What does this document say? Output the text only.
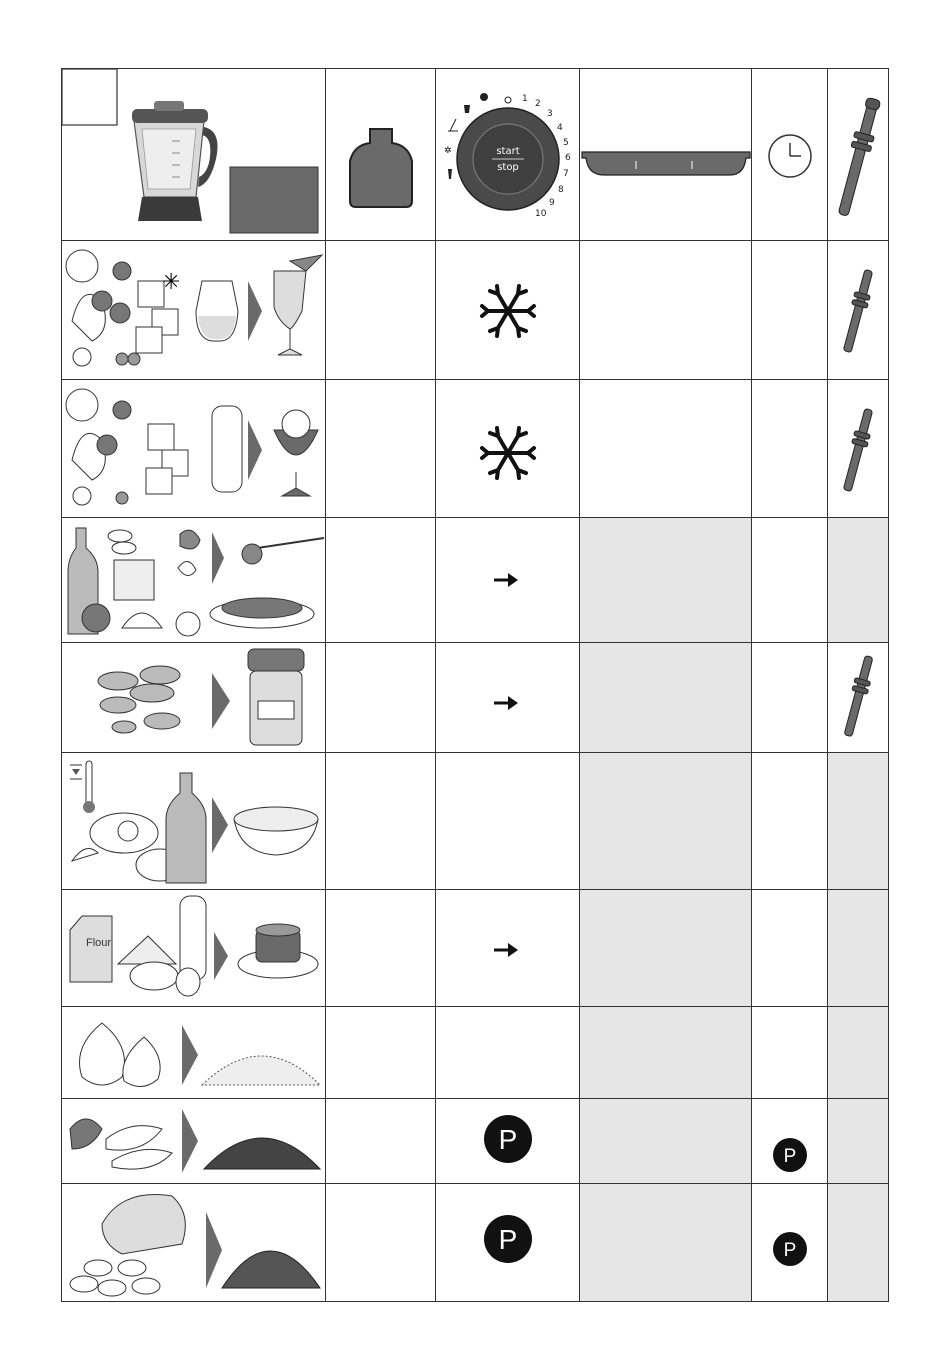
start
stop
1 2
3
4
5
6
7
8
9
10
✲
✳
Flour
P
P
P	P
